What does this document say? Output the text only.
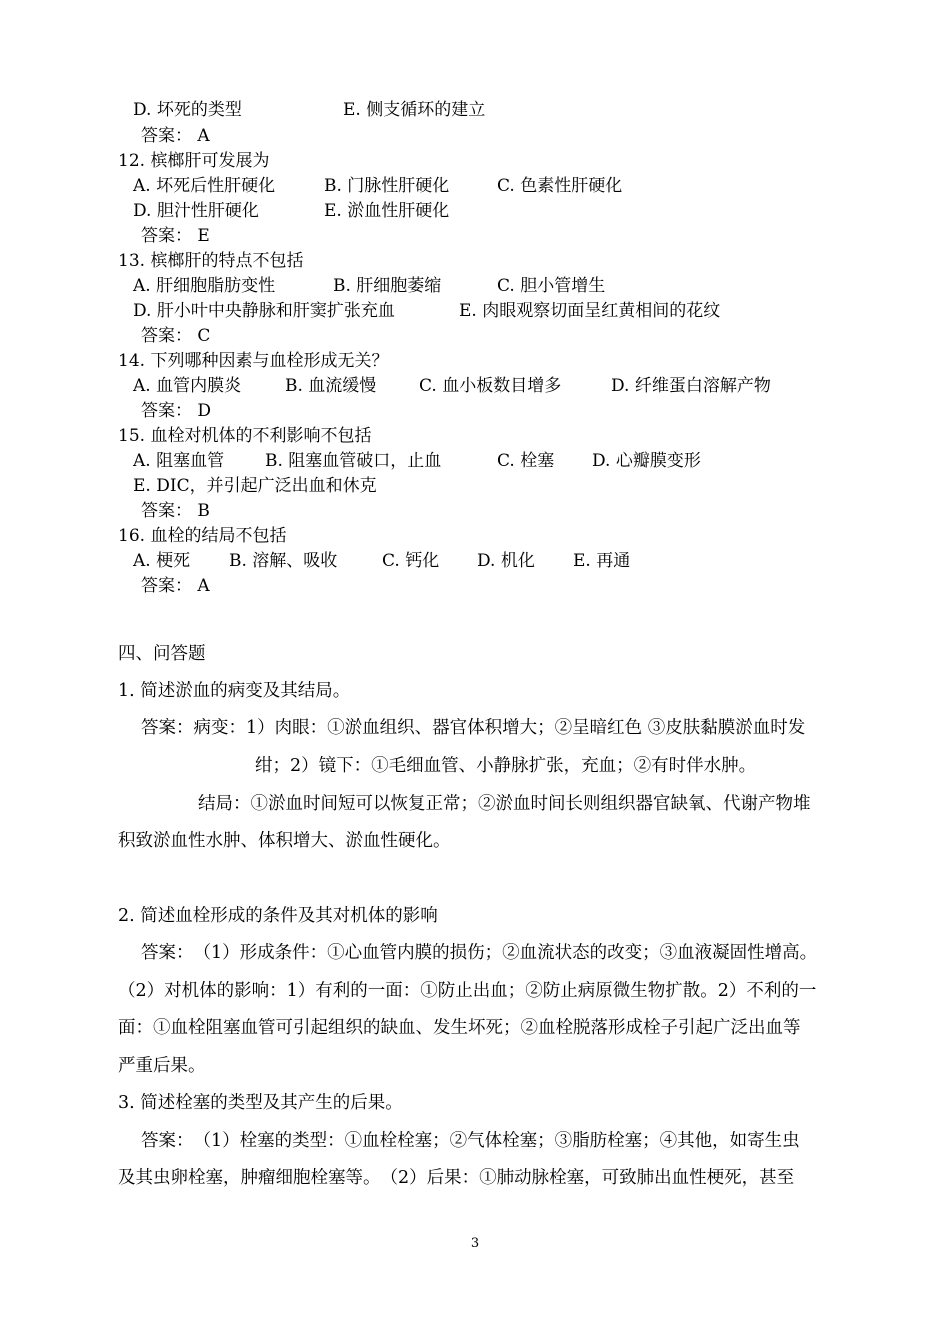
D. 坏死的类型	E. 侧支循环的建立
答案： A
12. 槟榔肝可发展为
A. 坏死后性肝硬化	B. 门脉性肝硬化	C. 色素性肝硬化
D. 胆汁性肝硬化	E. 淤血性肝硬化
答案： E
13. 槟榔肝的特点不包括
A. 肝细胞脂肪变性	B. 肝细胞萎缩	C. 胆小管增生
D. 肝小叶中央静脉和肝窦扩张充血	E. 肉眼观察切面呈红黄相间的花纹
答案： C
14. 下列哪种因素与血栓形成无关？
A. 血管内膜炎	B. 血流缓慢	C. 血小板数目增多	D. 纤维蛋白溶解产物
答案： D
15. 血栓对机体的不利影响不包括
A. 阻塞血管 B. 阻塞血管破口，止血	C. 栓塞 D. 心瓣膜变形
E. DIC，并引起广泛出血和休克
答案： B
16. 血栓的结局不包括
A. 梗死 B. 溶解、吸收	C. 钙化 D. 机化 E. 再通
答案： A
四、问答题
1. 简述淤血的病变及其结局。
答案：病变：1）肉眼：①淤血组织、器官体积增大；②呈暗红色 ③皮肤黏膜淤血时发
绀；2）镜下：①毛细血管、小静脉扩张，充血；②有时伴水肿。
结局：①淤血时间短可以恢复正常；②淤血时间长则组织器官缺氧、代谢产物堆
积致淤血性水肿、体积增大、淤血性硬化。
2. 简述血栓形成的条件及其对机体的影响
答案：　（1）形成条件：①心血管内膜的损伤；②血流状态的改变；③血液凝固性增高。
（2）对机体的影响：1）有利的一面：①防止出血；②防止病原微生物扩散。2）不利的一
面：①血栓阻塞血管可引起组织的缺血、发生坏死；②血栓脱落形成栓子引起广泛出血等
严重后果。
3. 简述栓塞的类型及其产生的后果。
答案：　（1）栓塞的类型：①血栓栓塞；②气体栓塞；③脂肪栓塞；④其他，如寄生虫
及其虫卵栓塞，肿瘤细胞栓塞等。　（2）后果：①肺动脉栓塞，可致肺出血性梗死，甚至
3
